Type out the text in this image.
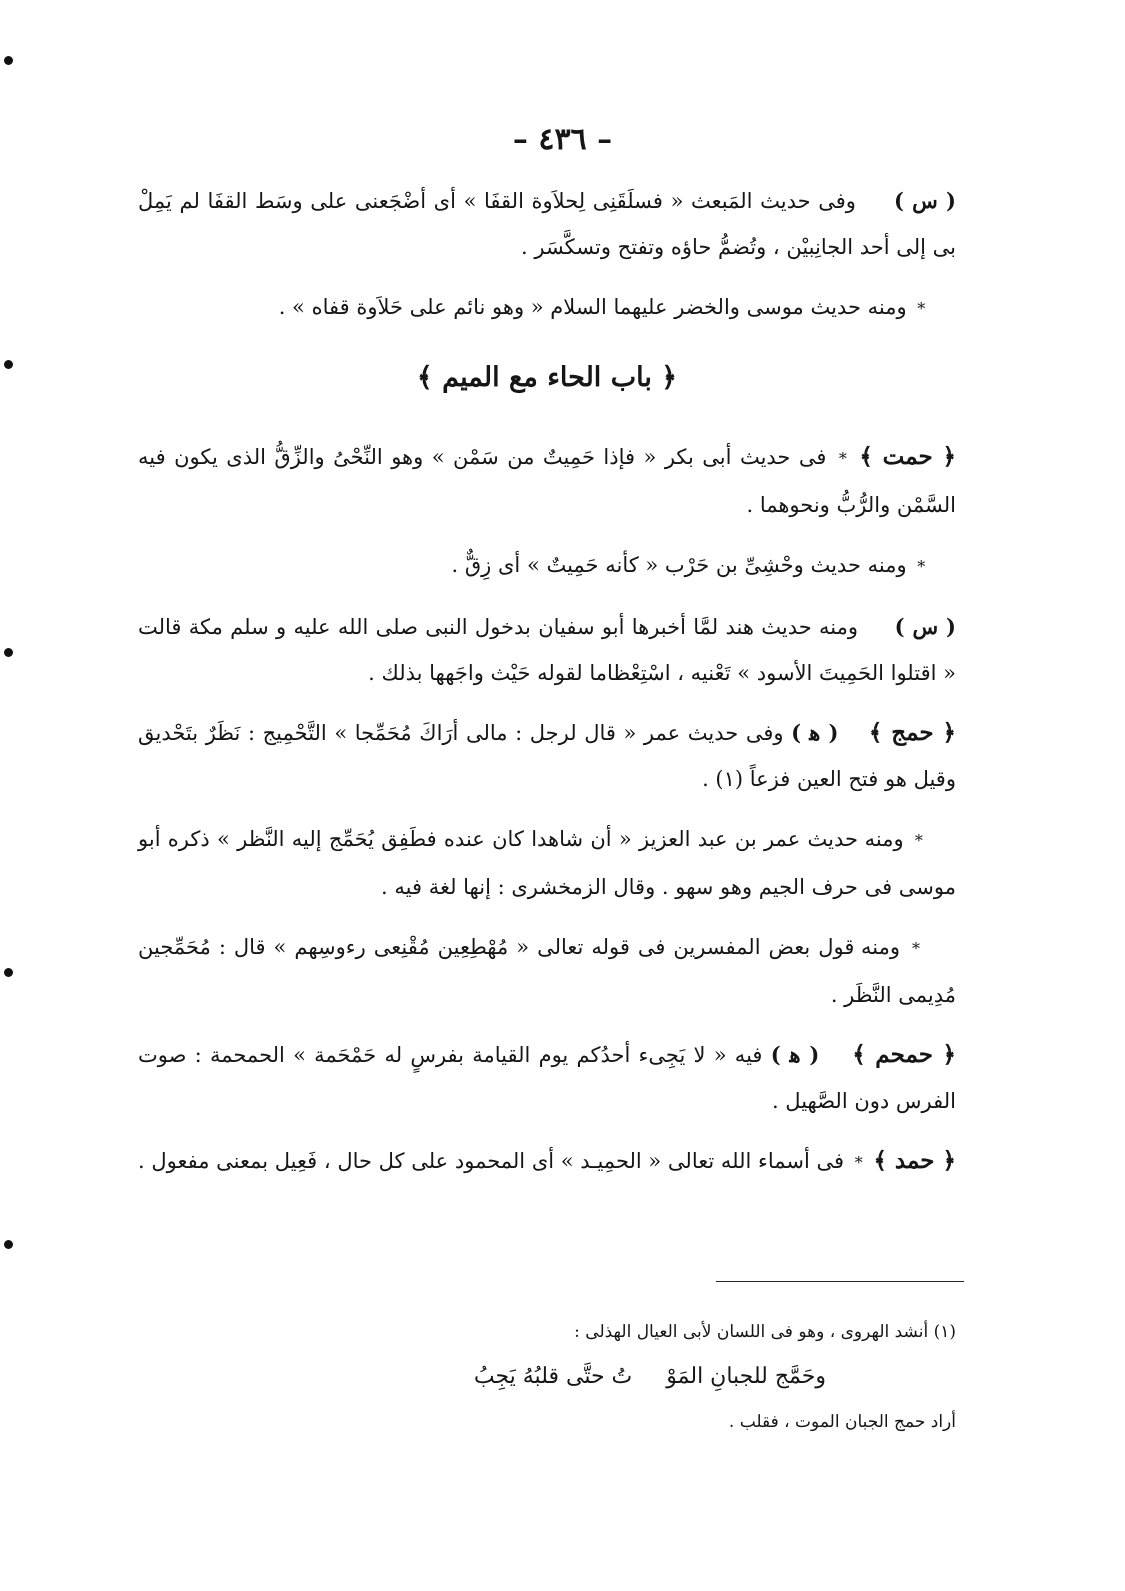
– ٤٣٦ –

( س )     وفى حديث المَبعث « فسلَقَنِى لِحلاَوة القفَا » أى أضْجَعنى على وسَط القفَا لم يَمِلْ بى إلى أحد الجانِبيْن ، وتُضمُّ حاؤه وتفتح وتسكَّسَر .

* ومنه حديث موسى والخضر عليهما السلام « وهو نائم على حَلاَوة قفاه » .

﴿ باب الحاء مع الميم ﴾

﴿ حمت ﴾ * فى حديث أبى بكر « فإذا حَمِيتٌ من سَمْن » وهو النِّحْىُ والزِّقُّ الذى يكون فيه السَّمْن والرُّبُّ ونحوهما .

* ومنه حديث وحْشِىِّ بن حَرْب « كأنه حَمِيتٌ » أى زِقٌّ .

( س )     ومنه حديث هند لمَّا أخبرها أبو سفيان بدخول النبى صلى الله عليه و سلم مكة قالت « اقتلوا الحَمِيتَ الأسود » تَعْنيه ، اسْتِعْظاما لقوله حَيْث واجَهها بذلك .

﴿ حمج ﴾    ( ﻫ ) وفى حديث عمر « قال لرجل : مالى أرَاكَ مُحَمِّجا » التَّحْمِيج : نَظَرٌ بتَحْديق وقيل هو فتح العين فزعاً (١) .

* ومنه حديث عمر بن عبد العزيز « أن شاهدا كان عنده فطَفِق يُحَمِّج إليه النَّظر » ذكره أبو موسى فى حرف الجيم وهو سهو . وقال الزمخشرى : إنها لغة فيه .

* ومنه قول بعض المفسرين فى قوله تعالى « مُهْطِعِين مُقْنِعى رءوسِهم » قال : مُحَمِّجين مُدِيمى النَّظَر .

﴿ حمحم ﴾    ( ﻫ ) فيه « لا يَجِىء أحدُكم يوم القيامة بفرسٍ له حَمْحَمة » الحمحمة : صوت الفرس دون الصَّهيل .

﴿ حمد ﴾ * فى أسماء الله تعالى « الحمِيـد » أى المحمود على كل حال ، فَعِيل بمعنى مفعول .

(١) أنشد الهروى ، وهو فى اللسان لأبى العيال الهذلى :
وحَمَّج للجبانِ المَوْتُ حتَّى قلبُهُ يَجِبُ
أراد حمج الجبان الموت ، فقلب .
